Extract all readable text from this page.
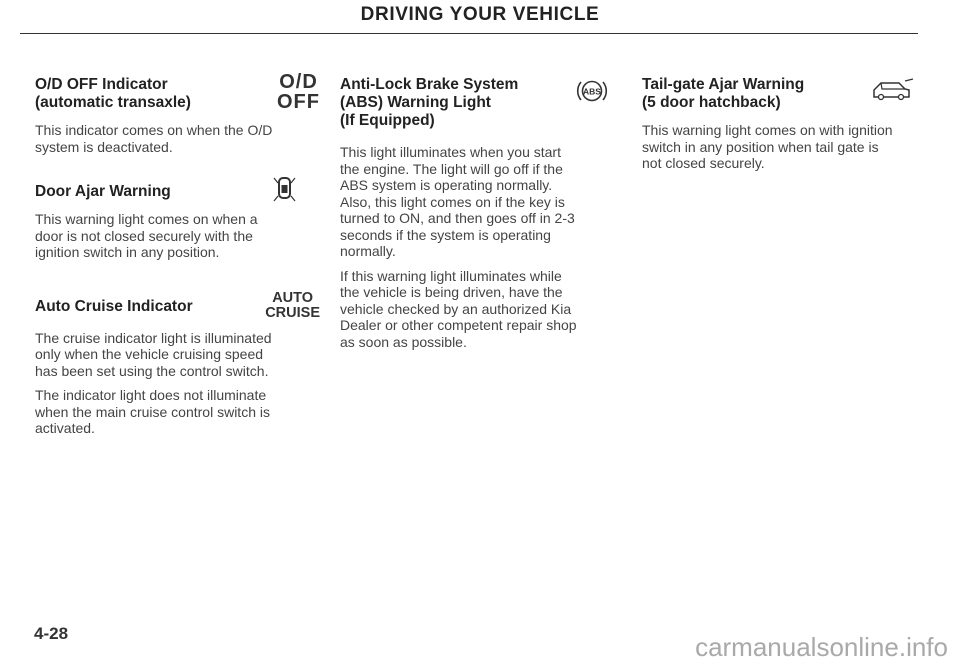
DRIVING YOUR VEHICLE
O/D OFF Indicator
(automatic transaxle)
O/D
OFF
This indicator comes on when the O/D
system is deactivated.
Door Ajar Warning
This warning light comes on when a
door is not closed securely with the
ignition switch in any position.
Auto Cruise Indicator	AUTO
CRUISE
The cruise indicator light is illuminated
only when the vehicle cruising speed
has been set using the control switch.
The indicator light does not illuminate
when the main cruise control switch is
activated.
Anti-Lock Brake System
(ABS) Warning Light
(If Equipped)
ABS
This light illuminates when you start
the engine. The light will go off if the
ABS system is operating normally.
Also, this light comes on if the key is
turned to ON, and then goes off in 2-3
seconds if the system is operating
normally.
If this warning light illuminates while
the vehicle is being driven, have the
vehicle checked by an authorized Kia
Dealer or other competent repair shop
as soon as possible.
Tail-gate Ajar Warning
(5 door hatchback)
This warning light comes on with ignition
switch in any position when tail gate is
not closed securely.
4-28	carmanualsonline.info
